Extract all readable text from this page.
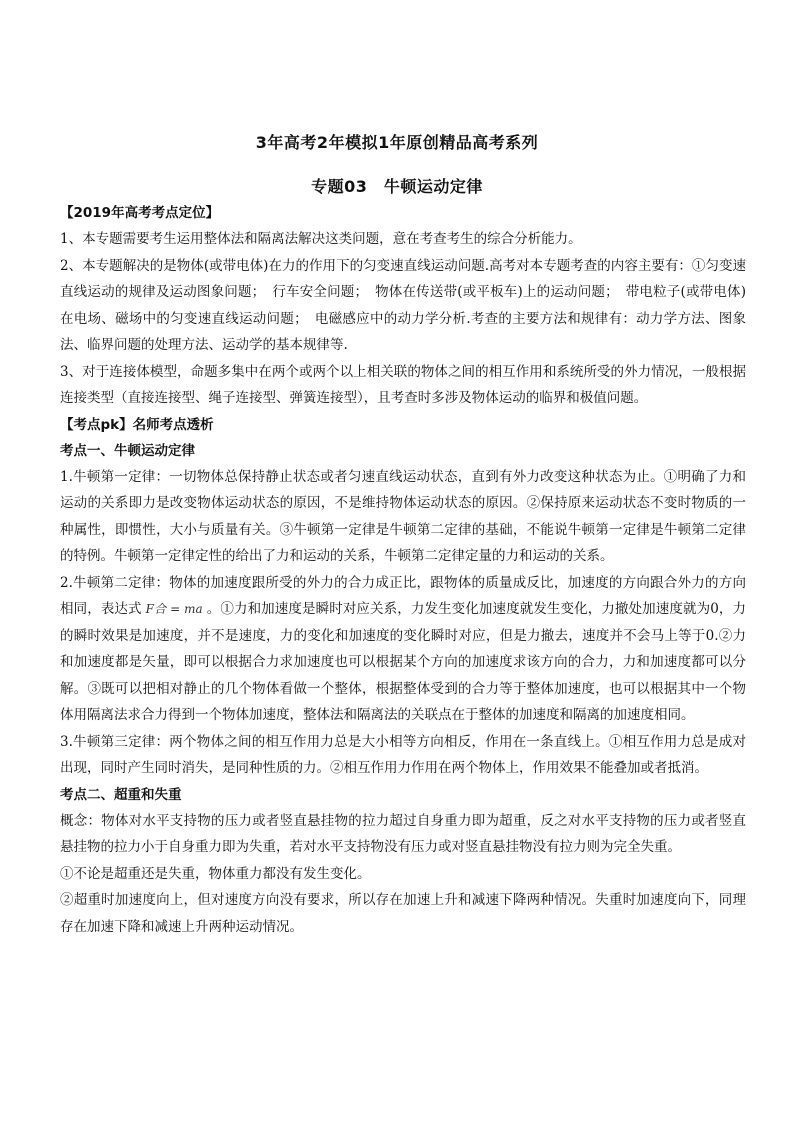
3年高考2年模拟1年原创精品高考系列
专题03　牛顿运动定律
【2019年高考考点定位】

1、本专题需要考生运用整体法和隔离法解决这类问题，意在考查考生的综合分析能力。

2、本专题解决的是物体(或带电体)在力的作用下的匀变速直线运动问题.高考对本专题考查的内容主要有：①匀变速直线运动的规律及运动图象问题；　行车安全问题；　物体在传送带(或平板车)上的运动问题；　带电粒子(或带电体)在电场、磁场中的匀变速直线运动问题；　电磁感应中的动力学分析.考查的主要方法和规律有：动力学方法、图象法、临界问题的处理方法、运动学的基本规律等.

3、对于连接体模型，命题多集中在两个或两个以上相关联的物体之间的相互作用和系统所受的外力情况，一般根据连接类型（直接连接型、绳子连接型、弹簧连接型），且考查时多涉及物体运动的临界和极值问题。

【考点pk】名师考点透析
考点一、牛顿运动定律

1.牛顿第一定律：一切物体总保持静止状态或者匀速直线运动状态，直到有外力改变这种状态为止。①明确了力和运动的关系即力是改变物体运动状态的原因，不是维持物体运动状态的原因。②保持原来运动状态不变时物质的一种属性，即惯性，大小与质量有关。③牛顿第一定律是牛顿第二定律的基础，不能说牛顿第一定律是牛顿第二定律的特例。牛顿第一定律定性的给出了力和运动的关系，牛顿第二定律定量的力和运动的关系。

2.牛顿第二定律：物体的加速度跟所受的外力的合力成正比，跟物体的质量成反比，加速度的方向跟合外力的方向相同，表达式 F合 = ma 。①力和加速度是瞬时对应关系，力发生变化加速度就发生变化，力撤处加速度就为0，力的瞬时效果是加速度，并不是速度，力的变化和加速度的变化瞬时对应，但是力撤去，速度并不会马上等于0.②力和加速度都是矢量，即可以根据合力求加速度也可以根据某个方向的加速度求该方向的合力，力和加速度都可以分解。③既可以把相对静止的几个物体看做一个整体，根据整体受到的合力等于整体加速度，也可以根据其中一个物体用隔离法求合力得到一个物体加速度，整体法和隔离法的关联点在于整体的加速度和隔离的加速度相同。

3.牛顿第三定律：两个物体之间的相互作用力总是大小相等方向相反，作用在一条直线上。①相互作用力总是成对出现，同时产生同时消失，是同种性质的力。②相互作用力作用在两个物体上，作用效果不能叠加或者抵消。

考点二、超重和失重

概念：物体对水平支持物的压力或者竖直悬挂物的拉力超过自身重力即为超重，反之对水平支持物的压力或者竖直悬挂物的拉力小于自身重力即为失重，若对水平支持物没有压力或对竖直悬挂物没有拉力则为完全失重。

①不论是超重还是失重，物体重力都没有发生变化。

②超重时加速度向上，但对速度方向没有要求，所以存在加速上升和减速下降两种情况。失重时加速度向下，同理存在加速下降和减速上升两种运动情况。
